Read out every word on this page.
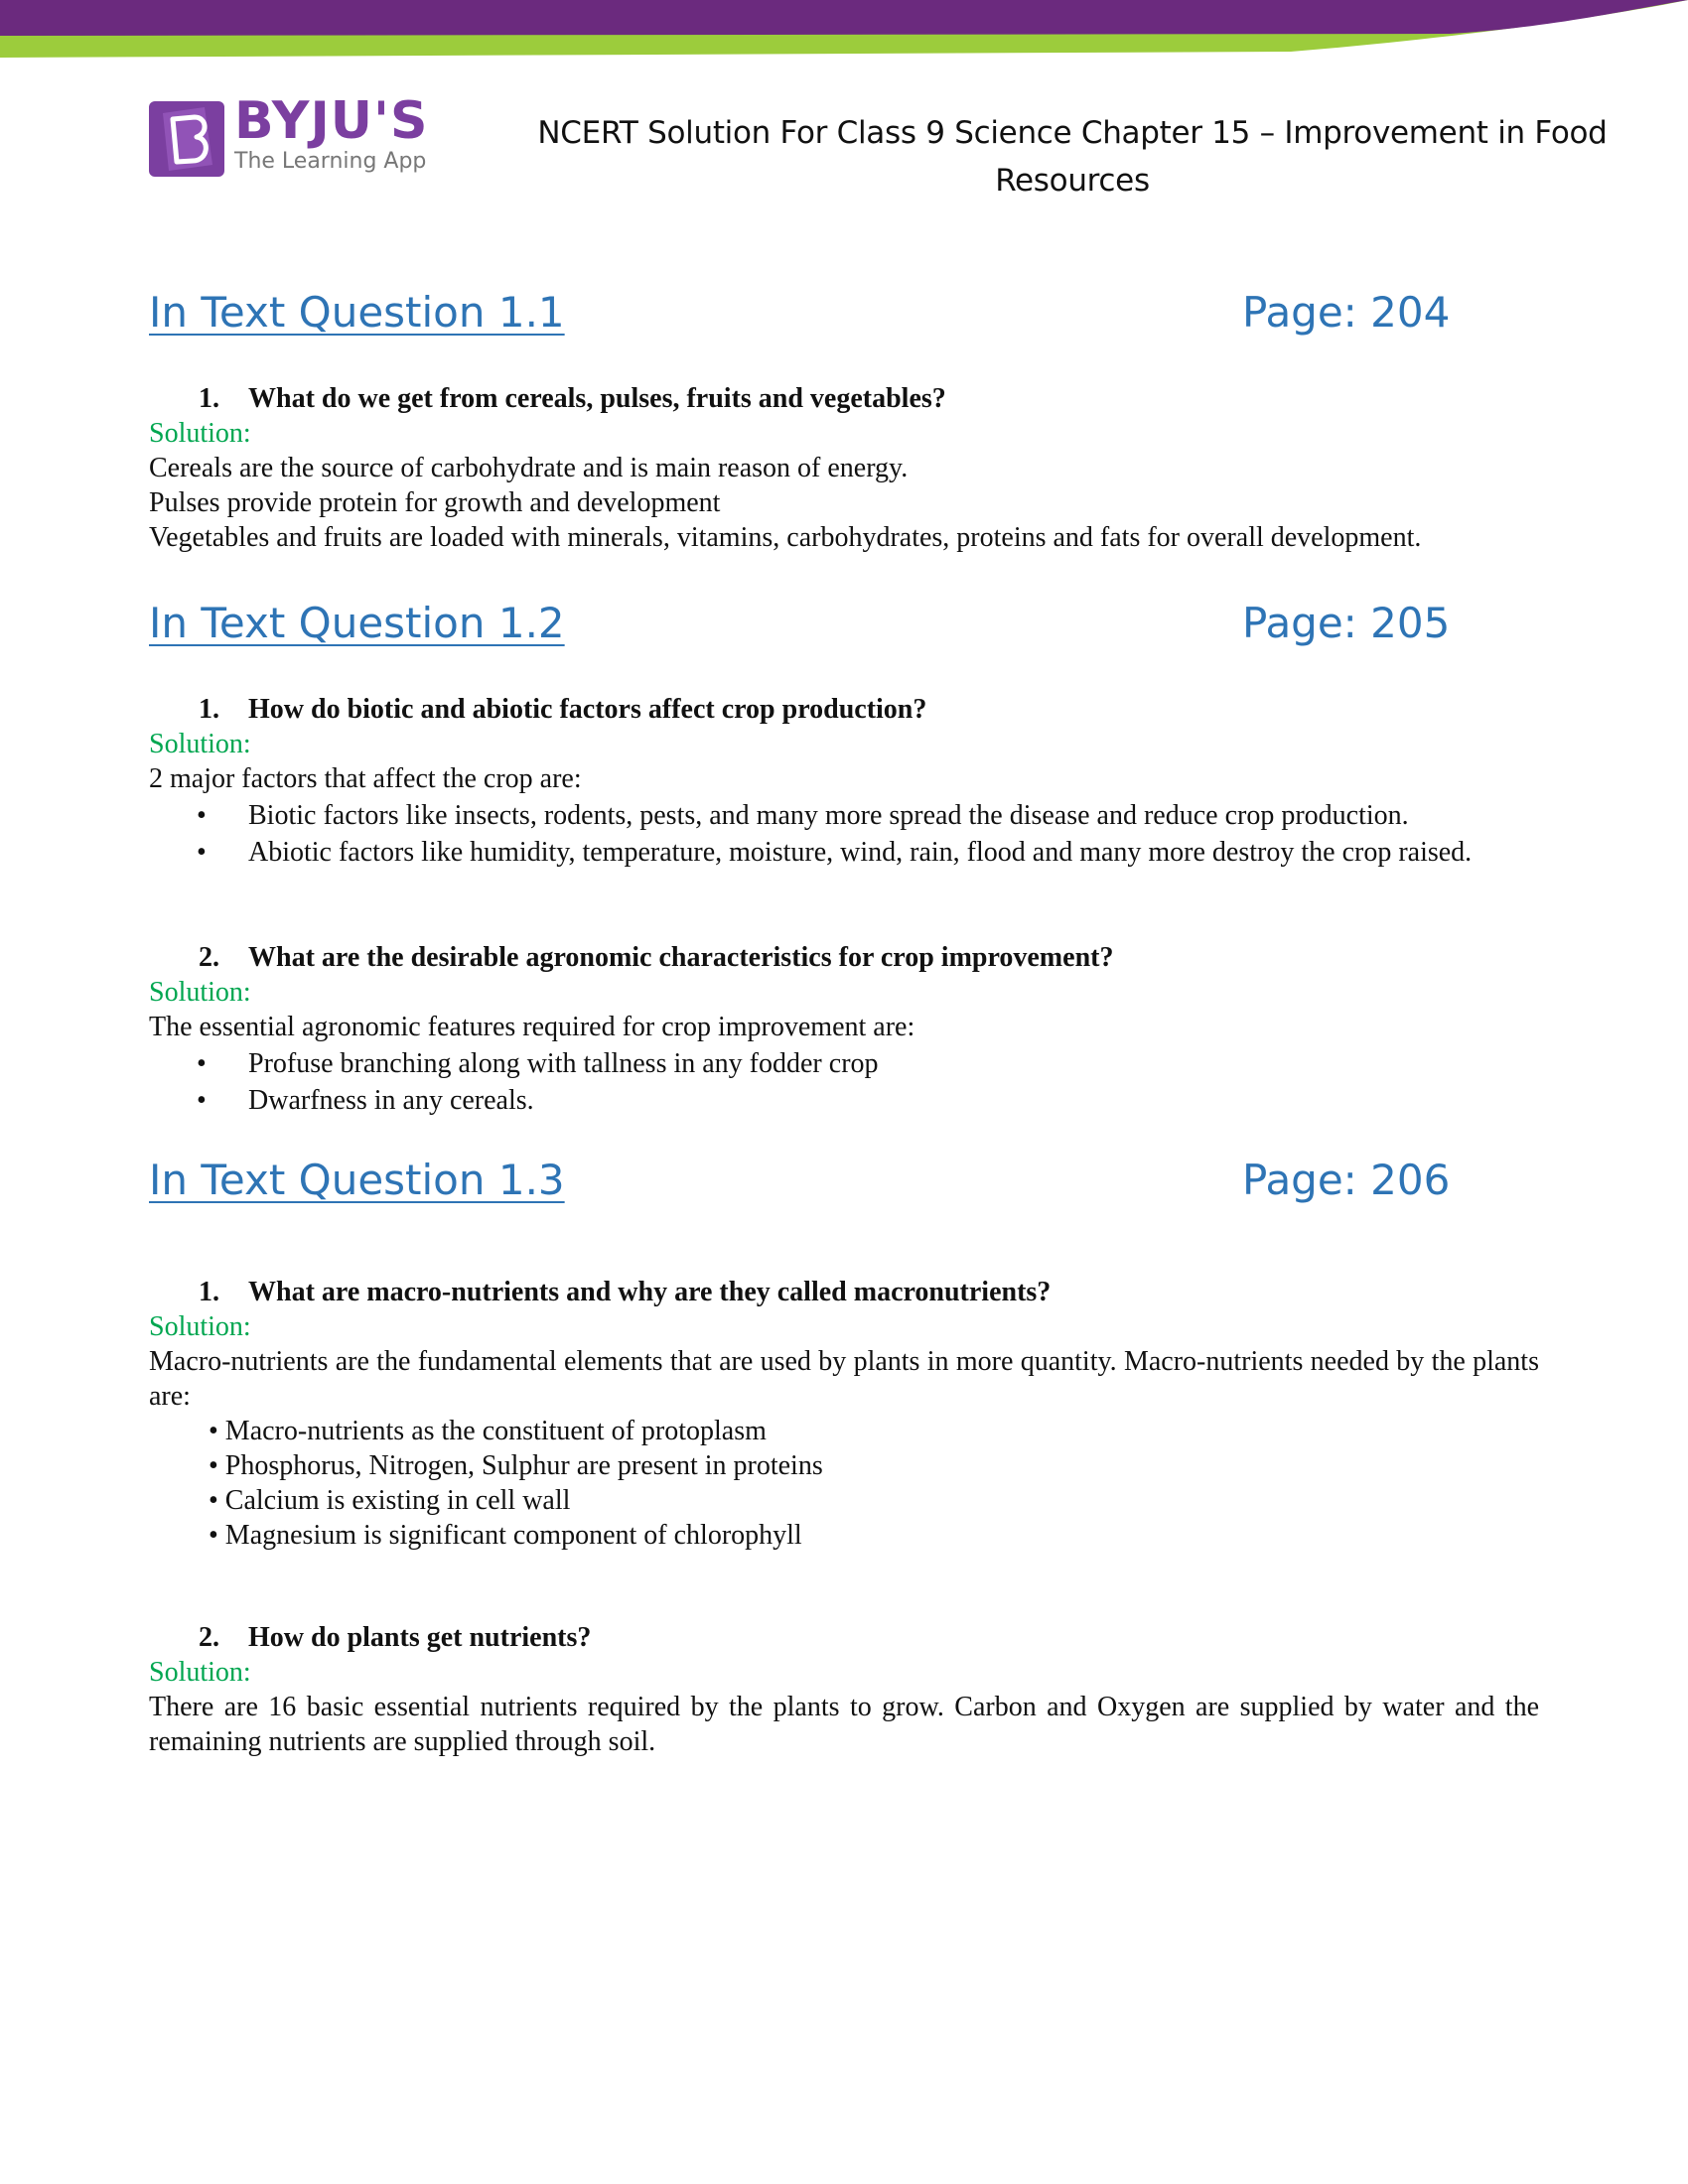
BYJU'S
The Learning App
NCERT Solution For Class 9 Science Chapter 15 – Improvement in Food
Resources
In Text Question 1.1	Page: 204
1. What do we get from cereals, pulses, fruits and vegetables?
Solution:

Cereals are the source of carbohydrate and is main reason of energy.

Pulses provide protein for growth and development

Vegetables and fruits are loaded with minerals, vitamins, carbohydrates, proteins and fats for overall development.

In Text Question 1.2	Page: 205
1. How do biotic and abiotic factors affect crop production?
Solution:

2 major factors that affect the crop are:

• Biotic factors like insects, rodents, pests, and many more spread the disease and reduce crop production.
• Abiotic factors like humidity, temperature, moisture, wind, rain, flood and many more destroy the crop raised.
2. What are the desirable agronomic characteristics for crop improvement?
Solution:

The essential agronomic features required for crop improvement are:

• Profuse branching along with tallness in any fodder crop
• Dwarfness in any cereals.
In Text Question 1.3	Page: 206
1. What are macro-nutrients and why are they called macronutrients?
Solution:

Macro-nutrients are the fundamental elements that are used by plants in more quantity. Macro-nutrients needed by the plants are:

• Macro-nutrients as the constituent of protoplasm
• Phosphorus, Nitrogen, Sulphur are present in proteins
• Calcium is existing in cell wall
• Magnesium is significant component of chlorophyll
2. How do plants get nutrients?
Solution:

There are 16 basic essential nutrients required by the plants to grow. Carbon and Oxygen are supplied by water and the remaining nutrients are supplied through soil.
